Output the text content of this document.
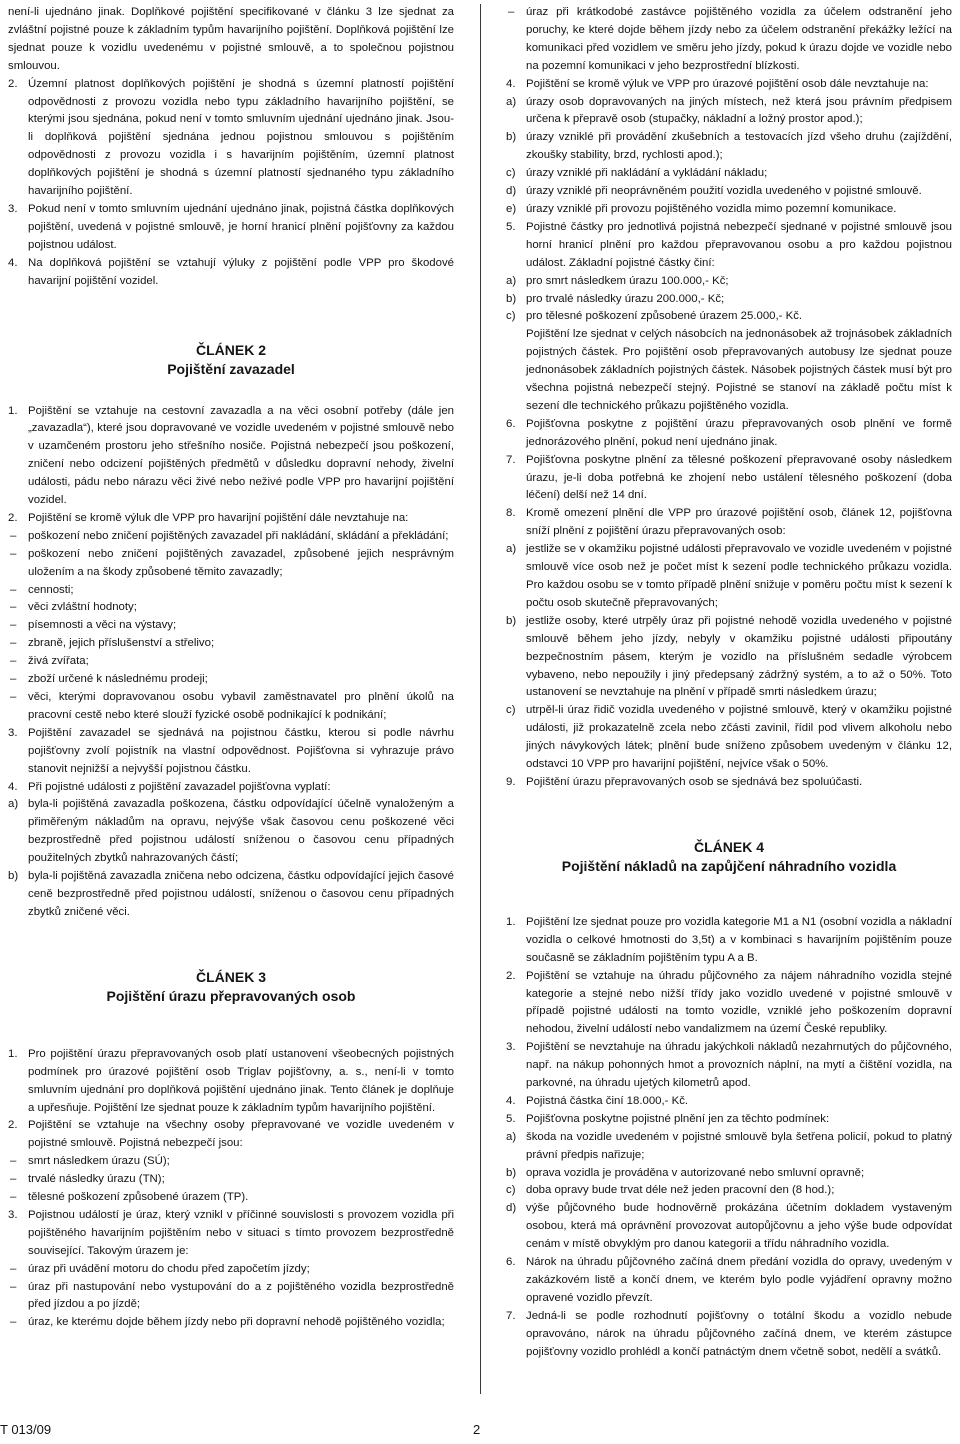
není-li ujednáno jinak. Doplňkové pojištění specifikované v článku 3 lze sjednat za zvláštní pojistné pouze k základním typům havarijního pojištění. Doplňková pojištění lze sjednat pouze k vozidlu uvedenému v pojistné smlouvě, a to společnou pojistnou smlouvou.

2. Územní platnost doplňkových pojištění je shodná s územní platností pojištění odpovědnosti z provozu vozidla nebo typu základního havarijního pojištění, se kterými jsou sjednána, pokud není v tomto smluvním ujednání ujednáno jinak. Jsou-li doplňková pojištění sjednána jednou pojistnou smlouvou s pojištěním odpovědnosti z provozu vozidla i s havarijním pojištěním, územní platnost doplňkových pojištění je shodná s územní platností sjednaného typu základního havarijního pojištění.
3. Pokud není v tomto smluvním ujednání ujednáno jinak, pojistná částka doplňkových pojištění, uvedená v pojistné smlouvě, je horní hranicí plnění pojišťovny za každou pojistnou událost.
4. Na doplňková pojištění se vztahují výluky z pojištění podle VPP pro škodové havarijní pojištění vozidel.
ČLÁNEK 2
Pojištění zavazadel
1. Pojištění se vztahuje na cestovní zavazadla a na věci osobní potřeby (dále jen „zavazadla“), které jsou dopravované ve vozidle uvedeném v pojistné smlouvě nebo v uzamčeném prostoru jeho střešního nosiče. Pojistná nebezpečí jsou poškození, zničení nebo odcizení pojištěných předmětů v důsledku dopravní nehody, živelní události, pádu nebo nárazu věci živé nebo neživé podle VPP pro havarijní pojištění vozidel.
2. Pojištění se kromě výluk dle VPP pro havarijní pojištění dále nevztahuje na:
– poškození nebo zničení pojištěných zavazadel při nakládání, skládání a překládání;
– poškození nebo zničení pojištěných zavazadel, způsobené jejich nesprávným uložením a na škody způsobené těmito zavazadly;
– cennosti;
– věci zvláštní hodnoty;
– písemnosti a věci na výstavy;
– zbraně, jejich příslušenství a střelivo;
– živá zvířata;
– zboží určené k následnému prodeji;
– věci, kterými dopravovanou osobu vybavil zaměstnavatel pro plnění úkolů na pracovní cestě nebo které slouží fyzické osobě podnikající k podnikání;
3. Pojištění zavazadel se sjednává na pojistnou částku, kterou si podle návrhu pojišťovny zvolí pojistník na vlastní odpovědnost. Pojišťovna si vyhrazuje právo stanovit nejnižší a nejvyšší pojistnou částku.
4. Při pojistné události z pojištění zavazadel pojišťovna vyplatí:
a) byla-li pojištěná zavazadla poškozena, částku odpovídající účelně vynaloženým a přiměřeným nákladům na opravu, nejvýše však časovou cenu poškozené věci bezprostředně před pojistnou událostí sníženou o časovou cenu případných použitelných zbytků nahrazovaných částí;
b) byla-li pojištěná zavazadla zničena nebo odcizena, částku odpovídající jejich časové ceně bezprostředně před pojistnou událostí, sníženou o časovou cenu případných zbytků zničené věci.
ČLÁNEK 3
Pojištění úrazu přepravovaných osob
1. Pro pojištění úrazu přepravovaných osob platí ustanovení všeobecných pojistných podmínek pro úrazové pojištění osob Triglav pojišťovny, a. s., není-li v tomto smluvním ujednání pro doplňková pojištění ujednáno jinak. Tento článek je doplňuje a upřesňuje. Pojištění lze sjednat pouze k základním typům havarijního pojištění.
2. Pojištění se vztahuje na všechny osoby přepravované ve vozidle uvedeném v pojistné smlouvě. Pojistná nebezpečí jsou:
– smrt následkem úrazu (SÚ);
– trvalé následky úrazu (TN);
– tělesné poškození způsobené úrazem (TP).
3. Pojistnou událostí je úraz, který vznikl v příčinné souvislosti s provozem vozidla při pojištěného havarijním pojištěním nebo v situaci s tímto provozem bezprostředně související. Takovým úrazem je:
– úraz při uvádění motoru do chodu před započetím jízdy;
– úraz při nastupování nebo vystupování do a z pojištěného vozidla bezprostředně před jízdou a po jízdě;
– úraz, ke kterému dojde během jízdy nebo při dopravní nehodě pojištěného vozidla;
– úraz při krátkodobé zastávce pojištěného vozidla za účelem odstranění jeho poruchy, ke které dojde během jízdy nebo za účelem odstranění překážky ležící na komunikaci před vozidlem ve směru jeho jízdy, pokud k úrazu dojde ve vozidle nebo na pozemní komunikaci v jeho bezprostřední blízkosti.
4. Pojištění se kromě výluk ve VPP pro úrazové pojištění osob dále nevztahuje na:
a) úrazy osob dopravovaných na jiných místech, než která jsou právním předpisem určena k přepravě osob (stupačky, nákladní a ložný prostor apod.);
b) úrazy vzniklé při provádění zkušebních a testovacích jízd všeho druhu (zajíždění, zkoušky stability, brzd, rychlosti apod.);
c) úrazy vzniklé při nakládání a vykládání nákladu;
d) úrazy vzniklé při neoprávněném použití vozidla uvedeného v pojistné smlouvě.
e) úrazy vzniklé při provozu pojištěného vozidla mimo pozemní komunikace.
5. Pojistné částky pro jednotlivá pojistná nebezpečí sjednané v pojistné smlouvě jsou horní hranicí plnění pro každou přepravovanou osobu a pro každou pojistnou událost. Základní pojistné částky činí:
a) pro smrt následkem úrazu 100.000,- Kč;
b) pro trvalé následky úrazu 200.000,- Kč;
c) pro tělesné poškození způsobené úrazem 25.000,- Kč.

Pojištění lze sjednat v celých násobcích na jednonásobek až trojnásobek základních pojistných částek. Pro pojištění osob přepravovaných autobusy lze sjednat pouze jednonásobek základních pojistných částek. Násobek pojistných částek musí být pro všechna pojistná nebezpečí stejný. Pojistné se stanoví na základě počtu míst k sezení dle technického průkazu pojištěného vozidla.

6. Pojišťovna poskytne z pojištění úrazu přepravovaných osob plnění ve formě jednorázového plnění, pokud není ujednáno jinak.
7. Pojišťovna poskytne plnění za tělesné poškození přepravované osoby následkem úrazu, je-li doba potřebná ke zhojení nebo ustálení tělesného poškození (doba léčení) delší než 14 dní.
8. Kromě omezení plnění dle VPP pro úrazové pojištění osob, článek 12, pojišťovna sníží plnění z pojištění úrazu přepravovaných osob:
a) jestliže se v okamžiku pojistné události přepravovalo ve vozidle uvedeném v pojistné smlouvě více osob než je počet míst k sezení podle technického průkazu vozidla. Pro každou osobu se v tomto případě plnění snižuje v poměru počtu míst k sezení k počtu osob skutečně přepravovaných;
b) jestliže osoby, které utrpěly úraz při pojistné nehodě vozidla uvedeného v pojistné smlouvě během jeho jízdy, nebyly v okamžiku pojistné události připoutány bezpečnostním pásem, kterým je vozidlo na příslušném sedadle výrobcem vybaveno, nebo nepoužily i jiný předepsaný zádržný systém, a to až o 50%. Toto ustanovení se nevztahuje na plnění v případě smrti následkem úrazu;
c) utrpěl-li úraz řidič vozidla uvedeného v pojistné smlouvě, který v okamžiku pojistné události, již prokazatelně zcela nebo zčásti zavinil, řídil pod vlivem alkoholu nebo jiných návykových látek; plnění bude sníženo způsobem uvedeným v článku 12, odstavci 10 VPP pro havarijní pojištění, nejvíce však o 50%.
9. Pojištění úrazu přepravovaných osob se sjednává bez spoluúčasti.
ČLÁNEK 4
Pojištění nákladů na zapůjčení náhradního vozidla
1. Pojištění lze sjednat pouze pro vozidla kategorie M1 a N1 (osobní vozidla a nákladní vozidla o celkové hmotnosti do 3,5t) a v kombinaci s havarijním pojištěním pouze současně se základním pojištěním typu A a B.
2. Pojištění se vztahuje na úhradu půjčovného za nájem náhradního vozidla stejné kategorie a stejné nebo nižší třídy jako vozidlo uvedené v pojistné smlouvě v případě pojistné události na tomto vozidle, vzniklé jeho poškozením dopravní nehodou, živelní událostí nebo vandalizmem na území České republiky.
3. Pojištění se nevztahuje na úhradu jakýchkoli nákladů nezahrnutých do půjčovného, např. na nákup pohonných hmot a provozních náplní, na mytí a čištění vozidla, na parkovné, na úhradu ujetých kilometrů apod.
4. Pojistná částka činí 18.000,- Kč.
5. Pojišťovna poskytne pojistné plnění jen za těchto podmínek:
a) škoda na vozidle uvedeném v pojistné smlouvě byla šetřena policií, pokud to platný právní předpis nařizuje;
b) oprava vozidla je prováděna v autorizované nebo smluvní opravně;
c) doba opravy bude trvat déle než jeden pracovní den (8 hod.);
d) výše půjčovného bude hodnověrně prokázána účetním dokladem vystaveným osobou, která má oprávnění provozovat autopůjčovnu a jeho výše bude odpovídat cenám v místě obvyklým pro danou kategorii a třídu náhradního vozidla.
6. Nárok na úhradu půjčovného začíná dnem předání vozidla do opravy, uvedeným v zakázkovém listě a končí dnem, ve kterém bylo podle vyjádření opravny možno opravené vozidlo převzít.
7. Jedná-li se podle rozhodnutí pojišťovny o totální škodu a vozidlo nebude opravováno, nárok na úhradu půjčovného začíná dnem, ve kterém zástupce pojišťovny vozidlo prohlédl a končí patnáctým dnem včetně sobot, nedělí a svátků.
T 013/09	2
